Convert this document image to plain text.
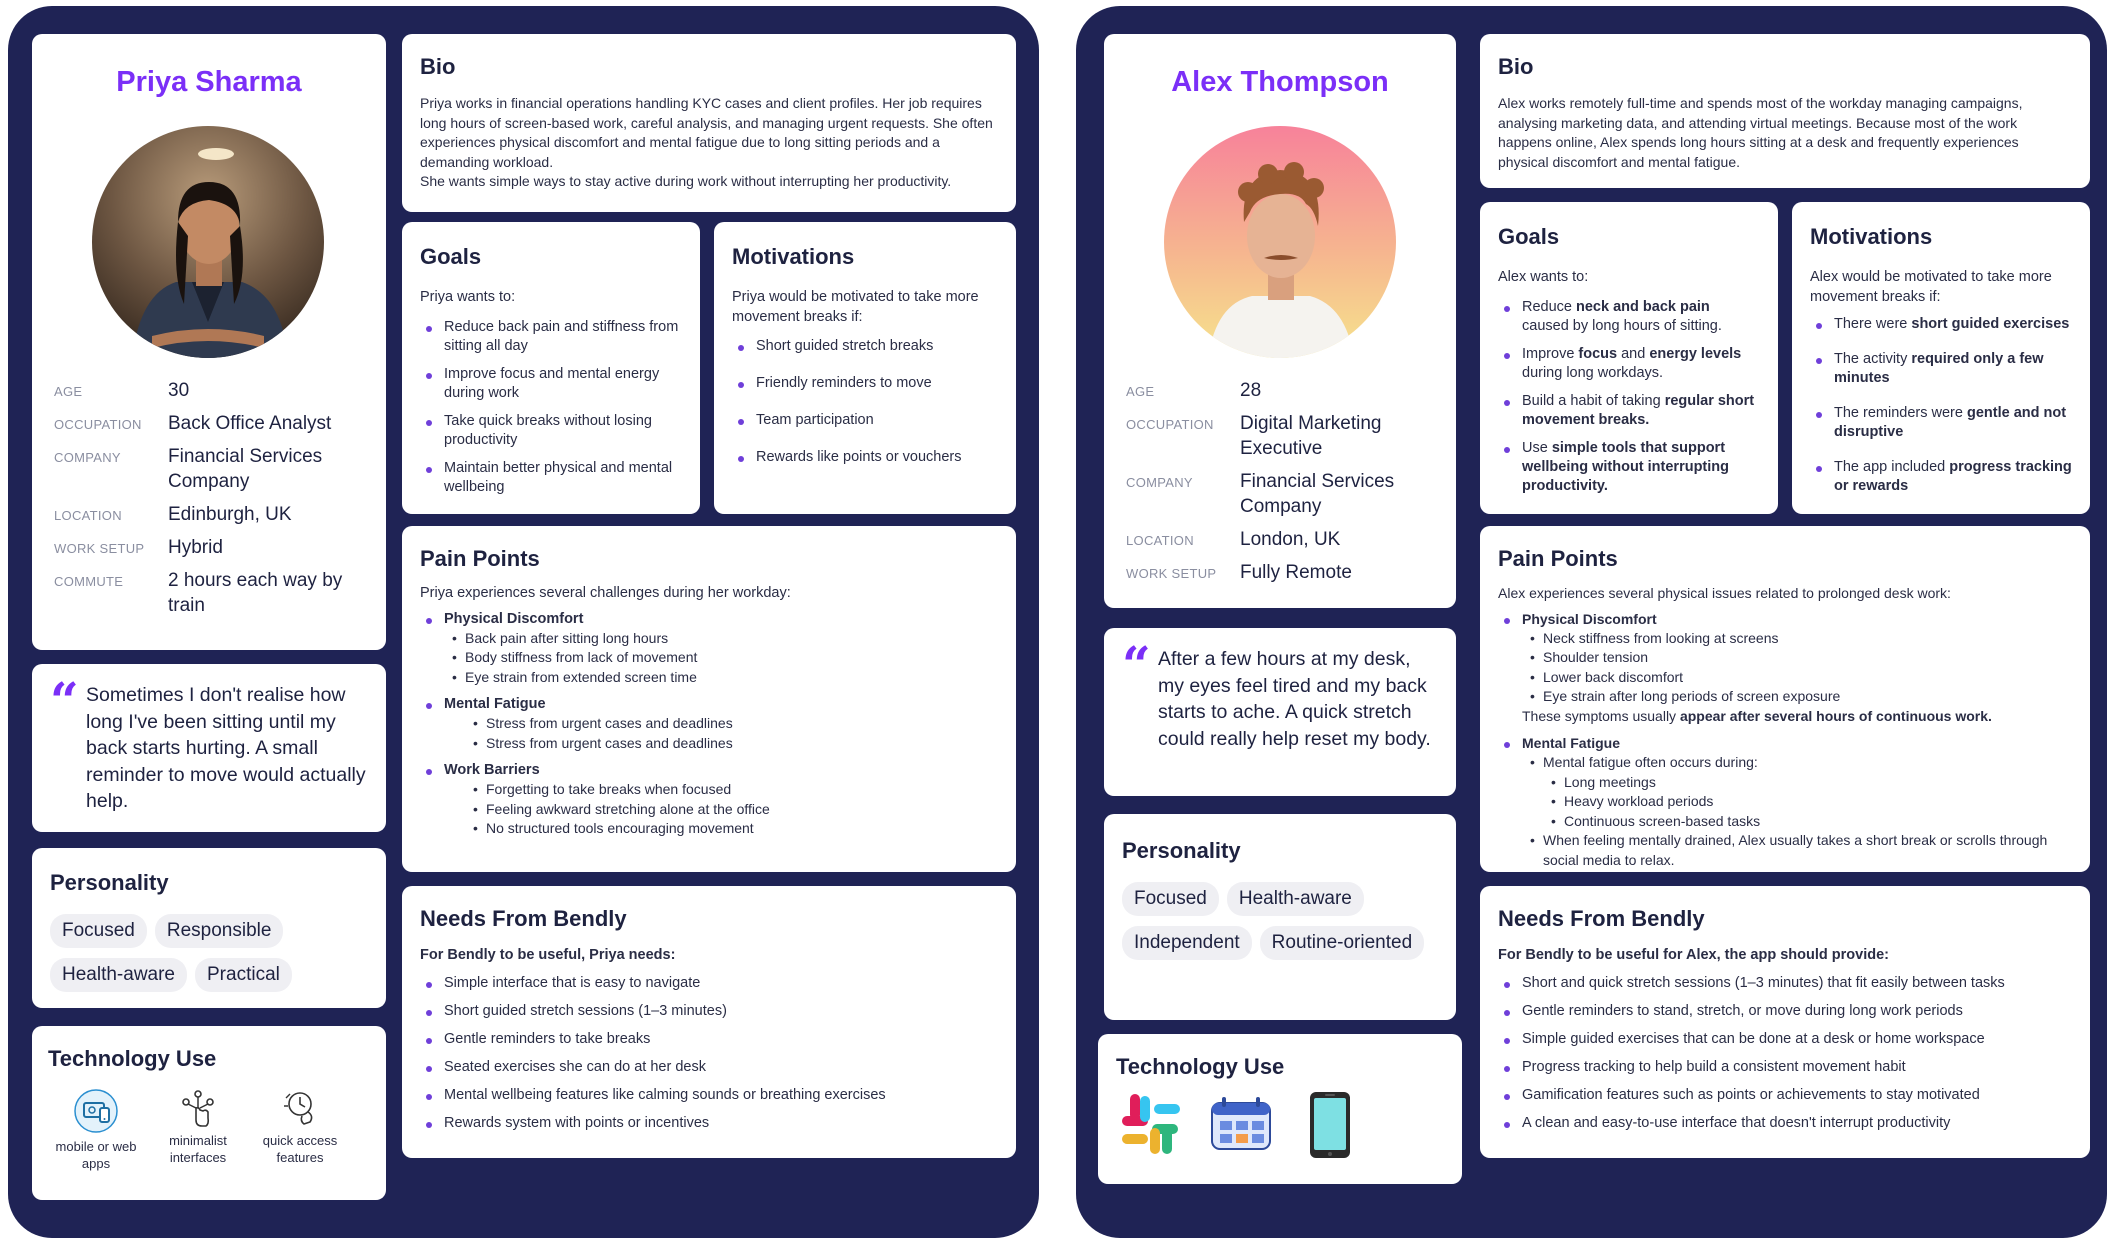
Priya Sharma
AGE	30
OCCUPATION	Back Office Analyst
COMPANY	Financial Services Company
LOCATION	Edinburgh, UK
WORK SETUP	Hybrid
COMMUTE	2 hours each way by train
“ Sometimes I don't realise how long I've been sitting until my back starts hurting. A small reminder to move would actually help.
Personality
Focused	Responsible
Health-aware	Practical
Technology Use
mobile or web apps
minimalist interfaces
quick access features
Bio

Priya works in financial operations handling KYC cases and client profiles. Her job requires long hours of screen-based work, careful analysis, and managing urgent requests. She often experiences physical discomfort and mental fatigue due to long sitting periods and a demanding workload.

She wants simple ways to stay active during work without interrupting her productivity.

Goals

Priya wants to:

Reduce back pain and stiffness from sitting all day
Improve focus and mental energy during work
Take quick breaks without losing productivity
Maintain better physical and mental wellbeing
Motivations

Priya would be motivated to take more movement breaks if:

Short guided stretch breaks
Friendly reminders to move
Team participation
Rewards like points or vouchers
Pain Points

Priya experiences several challenges during her workday:

Physical Discomfort
• Back pain after sitting long hours
• Body stiffness from lack of movement
• Eye strain from extended screen time
Mental Fatigue
• Stress from urgent cases and deadlines
• Stress from urgent cases and deadlines
Work Barriers
• Forgetting to take breaks when focused
• Feeling awkward stretching alone at the office
• No structured tools encouraging movement
Needs From Bendly

For Bendly to be useful, Priya needs:

Simple interface that is easy to navigate
Short guided stretch sessions (1–3 minutes)
Gentle reminders to take breaks
Seated exercises she can do at her desk
Mental wellbeing features like calming sounds or breathing exercises
Rewards system with points or incentives
Alex Thompson
AGE	28
OCCUPATION	Digital Marketing Executive
COMPANY	Financial Services Company
LOCATION	London, UK
WORK SETUP	Fully Remote
“ After a few hours at my desk, my eyes feel tired and my back starts to ache. A quick stretch could really help reset my body.
Personality
Focused	Health-aware
Independent	Routine-oriented
Technology Use
Bio

Alex works remotely full-time and spends most of the workday managing campaigns, analysing marketing data, and attending virtual meetings. Because most of the work happens online, Alex spends long hours sitting at a desk and frequently experiences physical discomfort and mental fatigue.

Goals

Alex wants to:

Reduce neck and back pain caused by long hours of sitting.
Improve focus and energy levels during long workdays.
Build a habit of taking regular short movement breaks.
Use simple tools that support wellbeing without interrupting productivity.
Motivations

Alex would be motivated to take more movement breaks if:

There were short guided exercises
The activity required only a few minutes
The reminders were gentle and not disruptive
The app included progress tracking or rewards
Pain Points

Alex experiences several physical issues related to prolonged desk work:

Physical Discomfort
• Neck stiffness from looking at screens
• Shoulder tension
• Lower back discomfort
• Eye strain after long periods of screen exposure
These symptoms usually appear after several hours of continuous work.
Mental Fatigue
• Mental fatigue often occurs during:
• Long meetings
• Heavy workload periods
• Continuous screen-based tasks
• When feeling mentally drained, Alex usually takes a short break or scrolls through social media to relax.
Needs From Bendly

For Bendly to be useful for Alex, the app should provide:

Short and quick stretch sessions (1–3 minutes) that fit easily between tasks
Gentle reminders to stand, stretch, or move during long work periods
Simple guided exercises that can be done at a desk or home workspace
Progress tracking to help build a consistent movement habit
Gamification features such as points or achievements to stay motivated
A clean and easy-to-use interface that doesn't interrupt productivity
